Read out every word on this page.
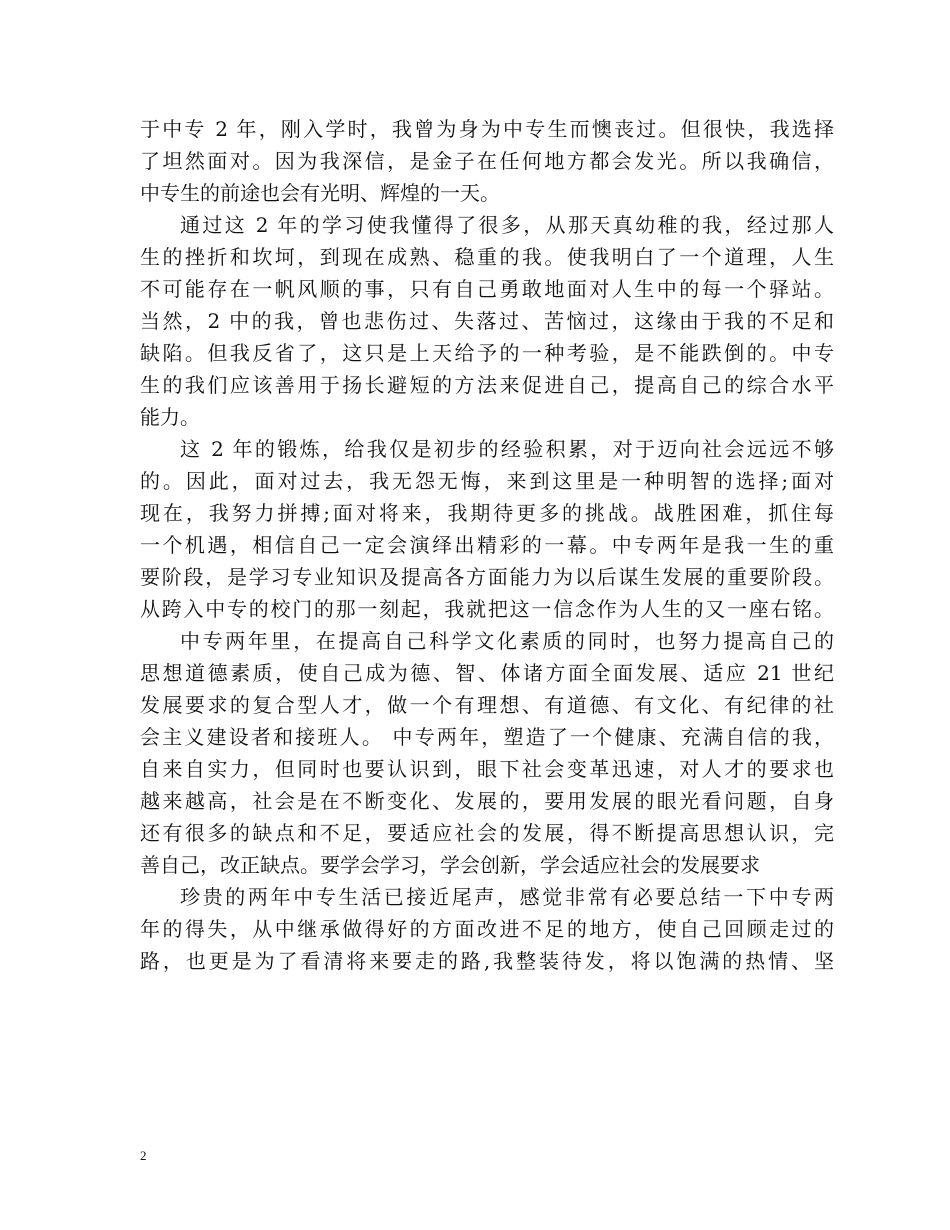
于中专 2 年，刚入学时，我曾为身为中专生而懊丧过。但很快，我选择
了坦然面对。因为我深信，是金子在任何地方都会发光。所以我确信，
中专生的前途也会有光明、辉煌的一天。
通过这 2 年的学习使我懂得了很多，从那天真幼稚的我，经过那人
生的挫折和坎坷，到现在成熟、稳重的我。使我明白了一个道理，人生
不可能存在一帆风顺的事，只有自己勇敢地面对人生中的每一个驿站。
当然，2 中的我，曾也悲伤过、失落过、苦恼过，这缘由于我的不足和
缺陷。但我反省了，这只是上天给予的一种考验，是不能跌倒的。中专
生的我们应该善用于扬长避短的方法来促进自己，提高自己的综合水平
能力。
这 2 年的锻炼，给我仅是初步的经验积累，对于迈向社会远远不够
的。因此，面对过去，我无怨无悔，来到这里是一种明智的选择;面对
现在，我努力拼搏;面对将来，我期待更多的挑战。战胜困难，抓住每
一个机遇，相信自己一定会演绎出精彩的一幕。中专两年是我一生的重
要阶段，是学习专业知识及提高各方面能力为以后谋生发展的重要阶段。
从跨入中专的校门的那一刻起，我就把这一信念作为人生的又一座右铭。
中专两年里，在提高自己科学文化素质的同时，也努力提高自己的
思想道德素质，使自己成为德、智、体诸方面全面发展、适应 21 世纪
发展要求的复合型人才，做一个有理想、有道德、有文化、有纪律的社
会主义建设者和接班人。 中专两年，塑造了一个健康、充满自信的我，
自来自实力，但同时也要认识到，眼下社会变革迅速，对人才的要求也
越来越高，社会是在不断变化、发展的，要用发展的眼光看问题，自身
还有很多的缺点和不足，要适应社会的发展，得不断提高思想认识，完
善自己，改正缺点。要学会学习，学会创新，学会适应社会的发展要求
珍贵的两年中专生活已接近尾声，感觉非常有必要总结一下中专两
年的得失，从中继承做得好的方面改进不足的地方，使自己回顾走过的
路，也更是为了看清将来要走的路,我整装待发，将以饱满的热情、坚
2
